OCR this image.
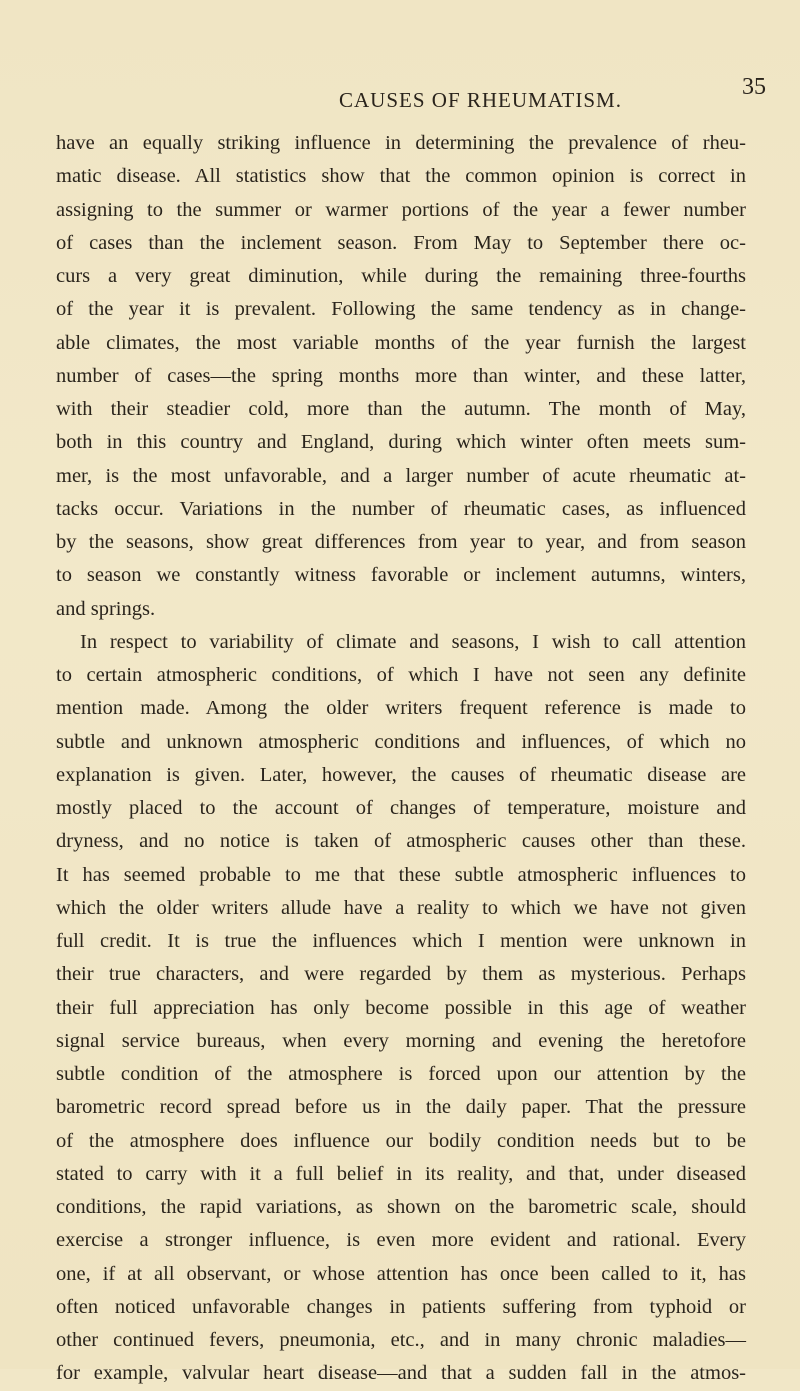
CAUSES OF RHEUMATISM.	35
have an equally striking influence in determining the prevalence of rheu-
matic disease. All statistics show that the common opinion is correct in
assigning to the summer or warmer portions of the year a fewer number
of cases than the inclement season. From May to September there oc-
curs a very great diminution, while during the remaining three-fourths
of the year it is prevalent. Following the same tendency as in change-
able climates, the most variable months of the year furnish the largest
number of cases—the spring months more than winter, and these latter,
with their steadier cold, more than the autumn. The month of May,
both in this country and England, during which winter often meets sum-
mer, is the most unfavorable, and a larger number of acute rheumatic at-
tacks occur. Variations in the number of rheumatic cases, as influenced
by the seasons, show great differences from year to year, and from season
to season we constantly witness favorable or inclement autumns, winters,
and springs.
In respect to variability of climate and seasons, I wish to call attention
to certain atmospheric conditions, of which I have not seen any definite
mention made. Among the older writers frequent reference is made to
subtle and unknown atmospheric conditions and influences, of which no
explanation is given. Later, however, the causes of rheumatic disease are
mostly placed to the account of changes of temperature, moisture and
dryness, and no notice is taken of atmospheric causes other than these.
It has seemed probable to me that these subtle atmospheric influences to
which the older writers allude have a reality to which we have not given
full credit. It is true the influences which I mention were unknown in
their true characters, and were regarded by them as mysterious. Perhaps
their full appreciation has only become possible in this age of weather
signal service bureaus, when every morning and evening the heretofore
subtle condition of the atmosphere is forced upon our attention by the
barometric record spread before us in the daily paper. That the pressure
of the atmosphere does influence our bodily condition needs but to be
stated to carry with it a full belief in its reality, and that, under diseased
conditions, the rapid variations, as shown on the barometric scale, should
exercise a stronger influence, is even more evident and rational. Every
one, if at all observant, or whose attention has once been called to it, has
often noticed unfavorable changes in patients suffering from typhoid or
other continued fevers, pneumonia, etc., and in many chronic maladies—
for example, valvular heart disease—and that a sudden fall in the atmos-
